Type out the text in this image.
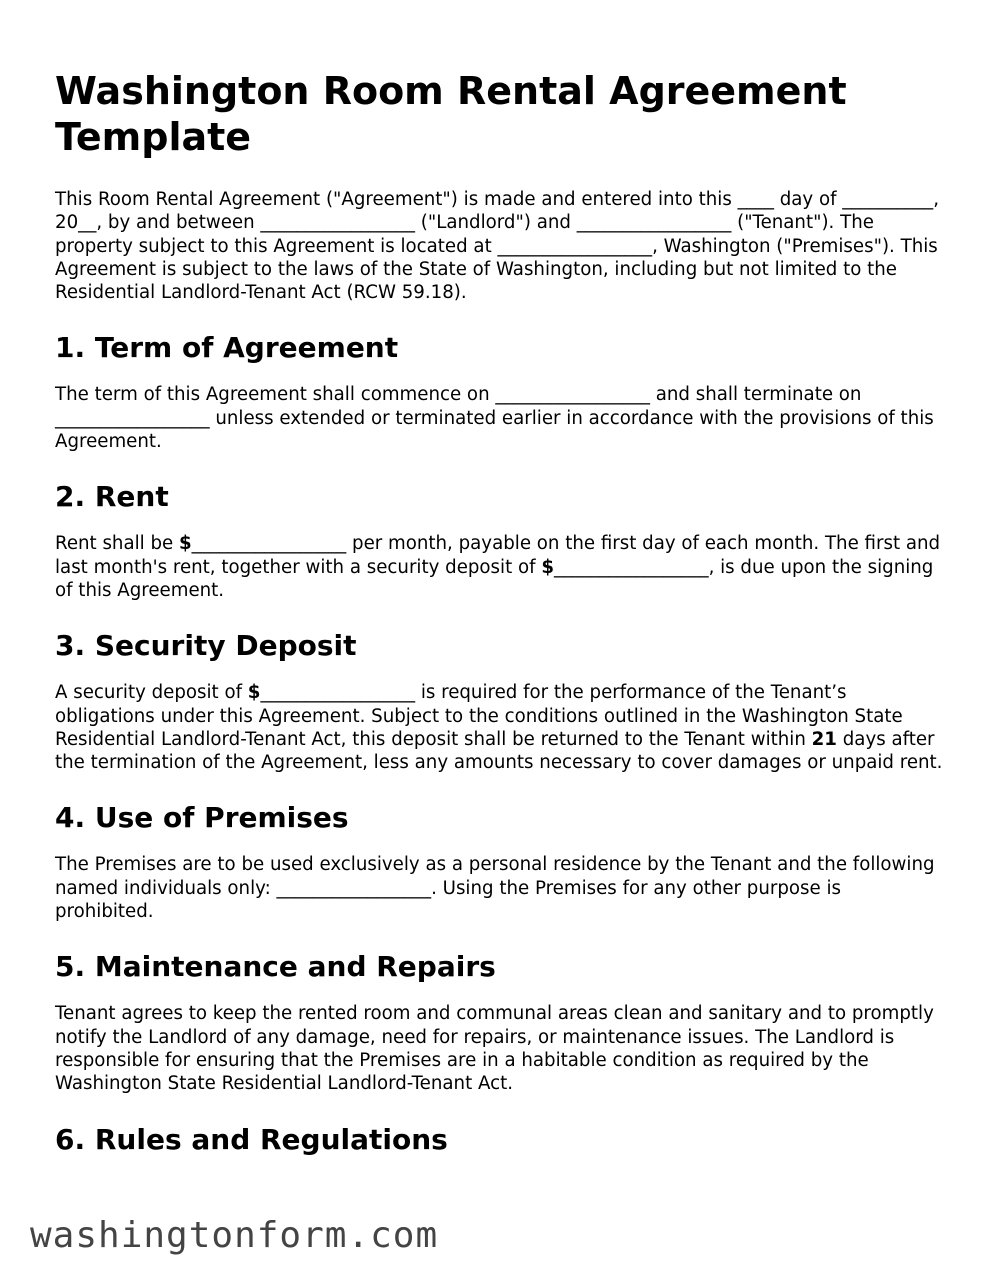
Washington Room Rental Agreement Template

This Room Rental Agreement ("Agreement") is made and entered into this ____ day of __________, 20__, by and between _________________ ("Landlord") and _________________ ("Tenant"). The property subject to this Agreement is located at _________________, Washington ("Premises"). This Agreement is subject to the laws of the State of Washington, including but not limited to the Residential Landlord-Tenant Act (RCW 59.18).

1. Term of Agreement

The term of this Agreement shall commence on _________________ and shall terminate on _________________ unless extended or terminated earlier in accordance with the provisions of this Agreement.

2. Rent

Rent shall be $_________________ per month, payable on the first day of each month. The first and last month's rent, together with a security deposit of $_________________, is due upon the signing of this Agreement.

3. Security Deposit

A security deposit of $_________________ is required for the performance of the Tenant’s obligations under this Agreement. Subject to the conditions outlined in the Washington State Residential Landlord-Tenant Act, this deposit shall be returned to the Tenant within 21 days after the termination of the Agreement, less any amounts necessary to cover damages or unpaid rent.

4. Use of Premises

The Premises are to be used exclusively as a personal residence by the Tenant and the following named individuals only: _________________. Using the Premises for any other purpose is prohibited.

5. Maintenance and Repairs

Tenant agrees to keep the rented room and communal areas clean and sanitary and to promptly notify the Landlord of any damage, need for repairs, or maintenance issues. The Landlord is responsible for ensuring that the Premises are in a habitable condition as required by the Washington State Residential Landlord-Tenant Act.

6. Rules and Regulations
washingtonform.com
